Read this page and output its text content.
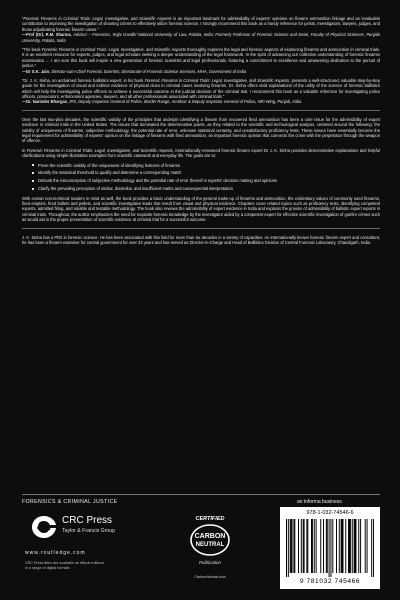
“Forensic Firearms in Criminal Trials: Legal, Investigative, and Scientific Aspects is an important landmark for admissibility of experts' opinions on firearm ammunition linkage and an invaluable contribution to improving the investigation of shooting crimes to effectively utilize forensic science. I strongly recommend this book as a handy reference for jurists, investigators, lawyers, judges, and those adjudicating forensic firearm cases.”
—Prof (Dr). R.M. Sharma, Advisor – Forensics, Rajiv Gandhi National University of Law, Patiala, India; Formerly Professor of Forensic Science and Dean, Faculty of Physical Sciences, Punjabi University, Patiala, India
“The book Forensic Firearms in Criminal Trials: Legal, Investigative, and Scientific Aspects thoroughly explores the legal and forensic aspects of examining firearms and ammunition in criminal trials. It is an excellent resource for experts, judges, and legal scholars seeking a deeper understanding of the legal framework. In the spirit of advancing our collective understanding of forensic firearms examination … I am sure this book will inspire a new generation of forensic scientists and legal professionals, fostering a commitment to excellence and unwavering dedication to the pursuit of justice.”
—Dr S.K. Jain, Director-cum-Chief Forensic Scientist, Directorate of Forensic Science Services, MHA, Government of India
“Dr. J. K. Sinha, an acclaimed forensic ballistics expert, in his book Forensic Firearms in Criminal Trials: Legal, Investigative, and Scientific Aspects, presents a well-structured, valuable step-by-step guide for the investigation of visual and indirect evidence of physical clues in criminal cases involving firearms. Dr. Sinha offers vivid explanations of the utility of the science of forensic ballistics which will help the investigating police officers to achieve a successful outcome in the judicial decision of the criminal trial. I recommend this book as a valuable reference for investigating police officers, prosecutors, enforcement agencies, lawyers, and all other professionals associated with criminal trials.”
—Dr. Narinder Bhargav, IPS, Deputy Inspector General of Police, Border Range, Amritsar & Deputy Inspector General of Police, NRI Wing, Punjab, India
Over the last two-plus decades, the scientific validity of the principles that underpin identifying a firearm from recovered fired ammunition has been a core issue for the admissibility of expert evidence in criminal trials in the United States. The issues that dominated the determinative points, as they related to the scientific and technological analysis, centered around the following: the validity of uniqueness of firearms, subjective methodology, the potential rate of error, unknown statistical certainty, and unsatisfactory proficiency tests. These issues have essentially become the legal requirement for admissibility of experts' opinion on the linkage of firearms with fired ammunition, an important forensic opinion that connects the crime with the perpetrator through the weapon of offence.
In Forensic Firearms in Criminal Trials: Legal, Investigative, and Scientific Aspects, internationally renowned forensic firearm expert Dr J. K. Sinha provides demonstrative explanations and helpful clarifications using simple illustrative examples from scientific casework and everyday life. The goals are to:
Prove the scientific validity of the uniqueness of identifying features of firearms
Identify the statistical threshold to qualify and determine a corresponding match
Debunk the misconception of subjective methodology and the potential rate of error thereof in experts' decision making and opinions
Clarify the prevailing perception of similar, dissimilar, and insufficient marks and consequential interpretation
With certain non-technical readers in mind as well, the book provides a basic understanding of the general make-up of firearms and ammunition, the evidentiary values of commonly used firearms, fired empties, fired bullets and pellets, and scientific investigative leads that result from visual and physical evidence. Chapters cover related topics such as proficiency tests, identifying competent experts, admitted firing, and reliable and testable methodology. The book also reviews the admissibility of expert evidence in India and explains the proviso of admissibility of ballistic expert reports in criminal trials. Throughout, the author emphasizes the need for requisite forensic knowledge by the investigator aided by a competent expert for effective scientific investigation of gunfire crimes such as would aid in the proper presentation of scientific evidence at criminal trial for a successful outcome.
J. K. Sinha has a PhD in forensic science. He has been associated with this field for more than six decades in a variety of capacities. An internationally known forensic firearm expert and consultant, he has been a firearm examiner for central government for over 34 years and has served as Director-in-Charge and Head of Ballistics Division of Central Forensic Laboratory, Chandigarh, India.
FORENSICS & CRIMINAL JUSTICE	an informa business
CRC
CRC Press
Taylor & Francis Group
www.routledge.com
CRC Press titles are available as eBook editions
in a range of digital formats
CERTIFIED
CARBON
NEUTRAL
Publication
CarbonNeutral.com
978-1-032-74546-6
9 781032 745466
